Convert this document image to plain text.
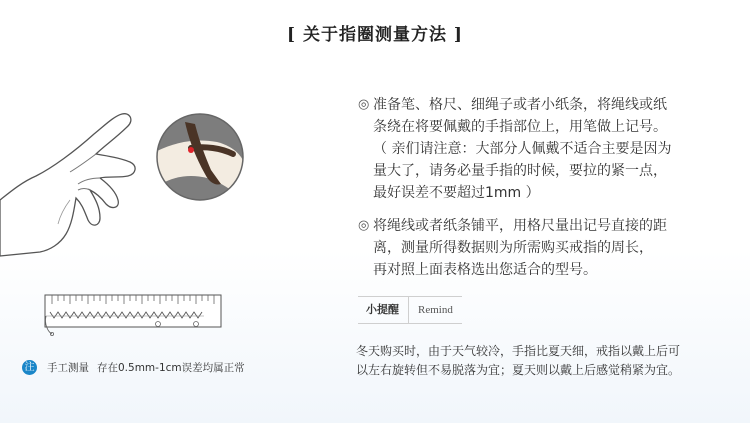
[ 关于指圈测量方法 ]
注 手工测量 存在0.5mm-1cm误差均属正常
◎ 准备笔、格尺、细绳子或者小纸条，将绳线或纸

条绕在将要佩戴的手指部位上，用笔做上记号。

（ 亲们请注意：大部分人佩戴不适合主要是因为

量大了，请务必量手指的时候，要拉的紧一点，

最好误差不要超过1mm ）

◎ 将绳线或者纸条铺平，用格尺量出记号直接的距

离，测量所得数据则为所需购买戒指的周长，

再对照上面表格选出您适合的型号。

小提醒	Remind

冬天购买时，由于天气较冷，手指比夏天细，戒指以戴上后可

以左右旋转但不易脱落为宜；夏天则以戴上后感觉稍紧为宜。
